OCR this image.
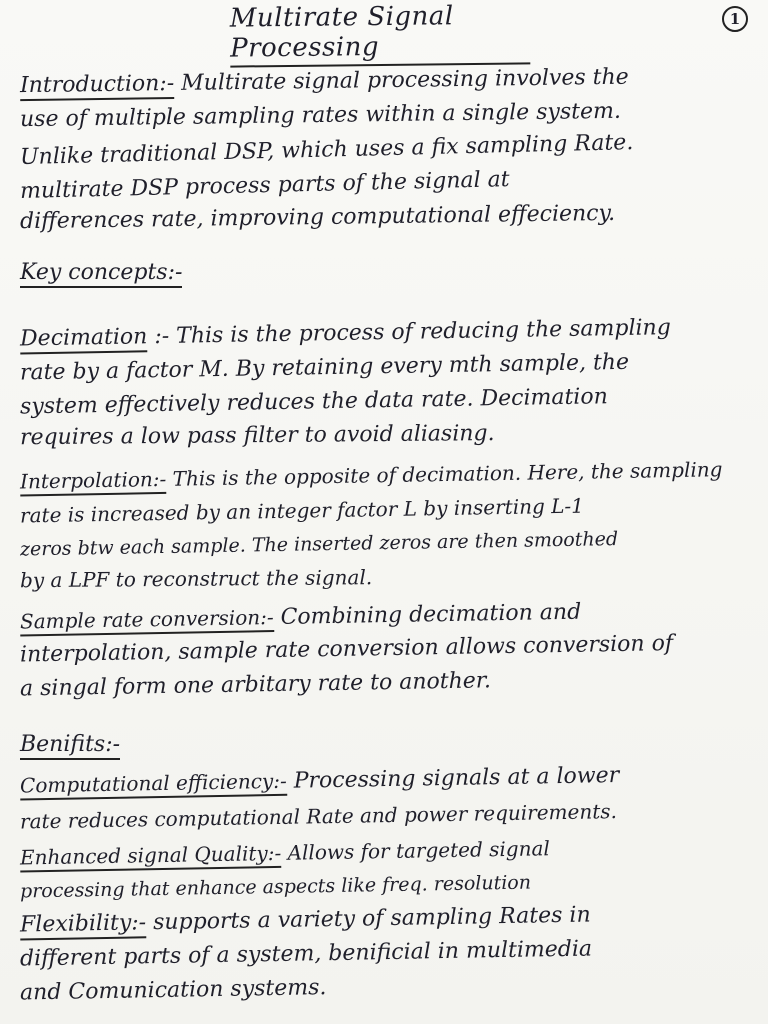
Multirate Signal Processing
1
Introduction:- Multirate signal processing involves the
use of multiple sampling rates within a single system.
Unlike traditional DSP, which uses a fix sampling Rate.
multirate DSP process parts of the signal at
differences rate, improving computational effeciency.
Key concepts:-
Decimation :- This is the process of reducing the sampling
rate by a factor M. By retaining every mth sample, the
system effectively reduces the data rate. Decimation
requires a low pass filter to avoid aliasing.
Interpolation:- This is the opposite of decimation. Here, the sampling
rate is increased by an integer factor L by inserting L-1
zeros btw each sample. The inserted zeros are then smoothed
by a LPF to reconstruct the signal.
Sample rate conversion:- Combining decimation and
interpolation, sample rate conversion allows conversion of
a singal form one arbitary rate to another.
Benifits:-
Computational efficiency:- Processing signals at a lower
rate reduces computational Rate and power requirements.
Enhanced signal Quality:- Allows for targeted signal
processing that enhance aspects like freq. resolution
Flexibility:- supports a variety of sampling Rates in
different parts of a system, benificial in multimedia
and Comunication systems.
